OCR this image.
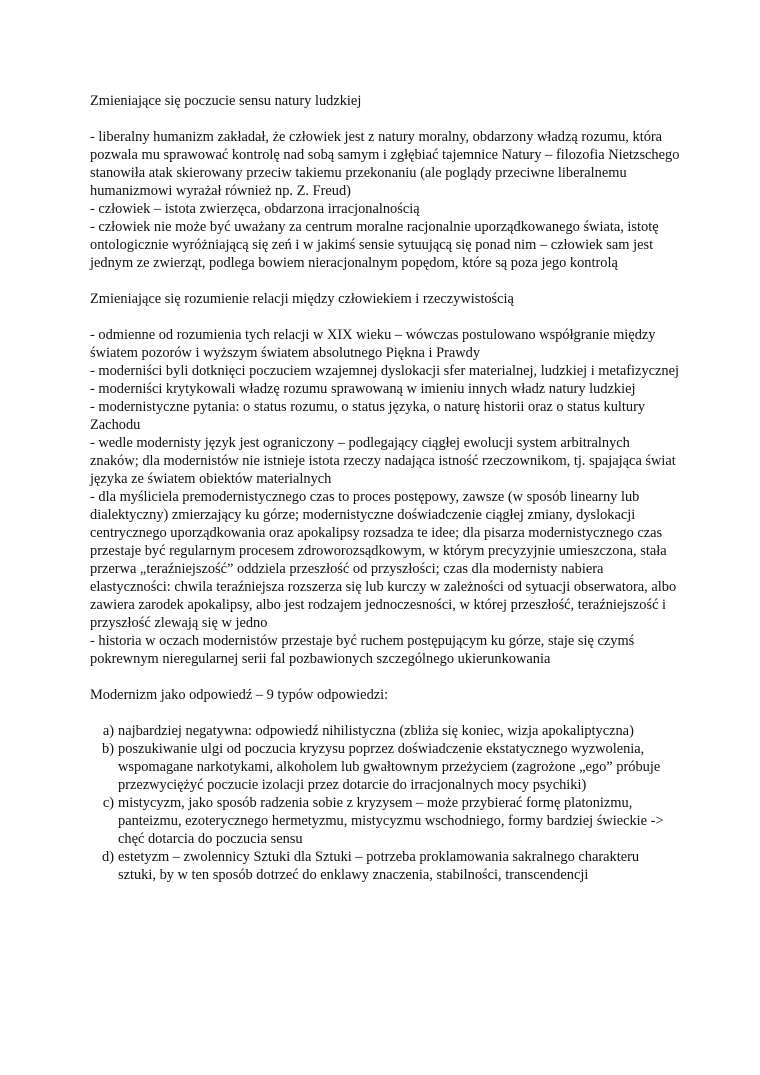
Zmieniające się poczucie sensu natury ludzkiej

- liberalny humanizm zakładał, że człowiek jest z natury moralny, obdarzony władzą rozumu, która pozwala mu sprawować kontrolę nad sobą samym i zgłębiać tajemnice Natury – filozofia Nietzschego stanowiła atak skierowany przeciw takiemu przekonaniu (ale poglądy przeciwne liberalnemu humanizmowi wyrażał również np. Z. Freud)

- człowiek – istota zwierzęca, obdarzona irracjonalnością

- człowiek nie może być uważany za centrum moralne racjonalnie uporządkowanego świata, istotę ontologicznie wyróżniającą się zeń i w jakimś sensie sytuującą się ponad nim – człowiek sam jest jednym ze zwierząt, podlega bowiem nieracjonalnym popędom, które są poza jego kontrolą

Zmieniające się rozumienie relacji między człowiekiem i rzeczywistością

- odmienne od rozumienia tych relacji w XIX wieku – wówczas postulowano współgranie między światem pozorów i wyższym światem absolutnego Piękna i Prawdy

- moderniści byli dotknięci poczuciem wzajemnej dyslokacji sfer materialnej, ludzkiej i metafizycznej

- moderniści krytykowali władzę rozumu sprawowaną w imieniu innych władz natury ludzkiej

- modernistyczne pytania: o status rozumu, o status języka, o naturę historii oraz o status kultury Zachodu

- wedle modernisty język jest ograniczony – podlegający ciągłej ewolucji system arbitralnych znaków; dla modernistów nie istnieje istota rzeczy nadająca istność rzeczownikom, tj. spajająca świat języka ze światem obiektów materialnych

- dla myśliciela premodernistycznego czas to proces postępowy, zawsze (w sposób linearny lub dialektyczny) zmierzający ku górze; modernistyczne doświadczenie ciągłej zmiany, dyslokacji centrycznego uporządkowania oraz apokalipsy rozsadza te idee; dla pisarza modernistycznego czas przestaje być regularnym procesem zdroworozsądkowym, w którym precyzyjnie umieszczona, stała przerwa „teraźniejszość” oddziela przeszłość od przyszłości; czas dla modernisty nabiera elastyczności: chwila teraźniejsza rozszerza się lub kurczy w zależności od sytuacji obserwatora, albo zawiera zarodek apokalipsy, albo jest rodzajem jednoczesności, w której przeszłość, teraźniejszość i przyszłość zlewają się w jedno

- historia w oczach modernistów przestaje być ruchem postępującym ku górze, staje się czymś pokrewnym nieregularnej serii fal pozbawionych szczególnego ukierunkowania

Modernizm jako odpowiedź – 9 typów odpowiedzi:

a) najbardziej negatywna: odpowiedź nihilistyczna (zbliża się koniec, wizja apokaliptyczna)
b) poszukiwanie ulgi od poczucia kryzysu poprzez doświadczenie ekstatycznego wyzwolenia, wspomagane narkotykami, alkoholem lub gwałtownym przeżyciem (zagrożone „ego” próbuje przezwyciężyć poczucie izolacji przez dotarcie do irracjonalnych mocy psychiki)
c) mistycyzm, jako sposób radzenia sobie z kryzysem – może przybierać formę platonizmu, panteizmu, ezoterycznego hermetyzmu, mistycyzmu wschodniego, formy bardziej świeckie -> chęć dotarcia do poczucia sensu
d) estetyzm – zwolennicy Sztuki dla Sztuki – potrzeba proklamowania sakralnego charakteru sztuki, by w ten sposób dotrzeć do enklawy znaczenia, stabilności, transcendencji
